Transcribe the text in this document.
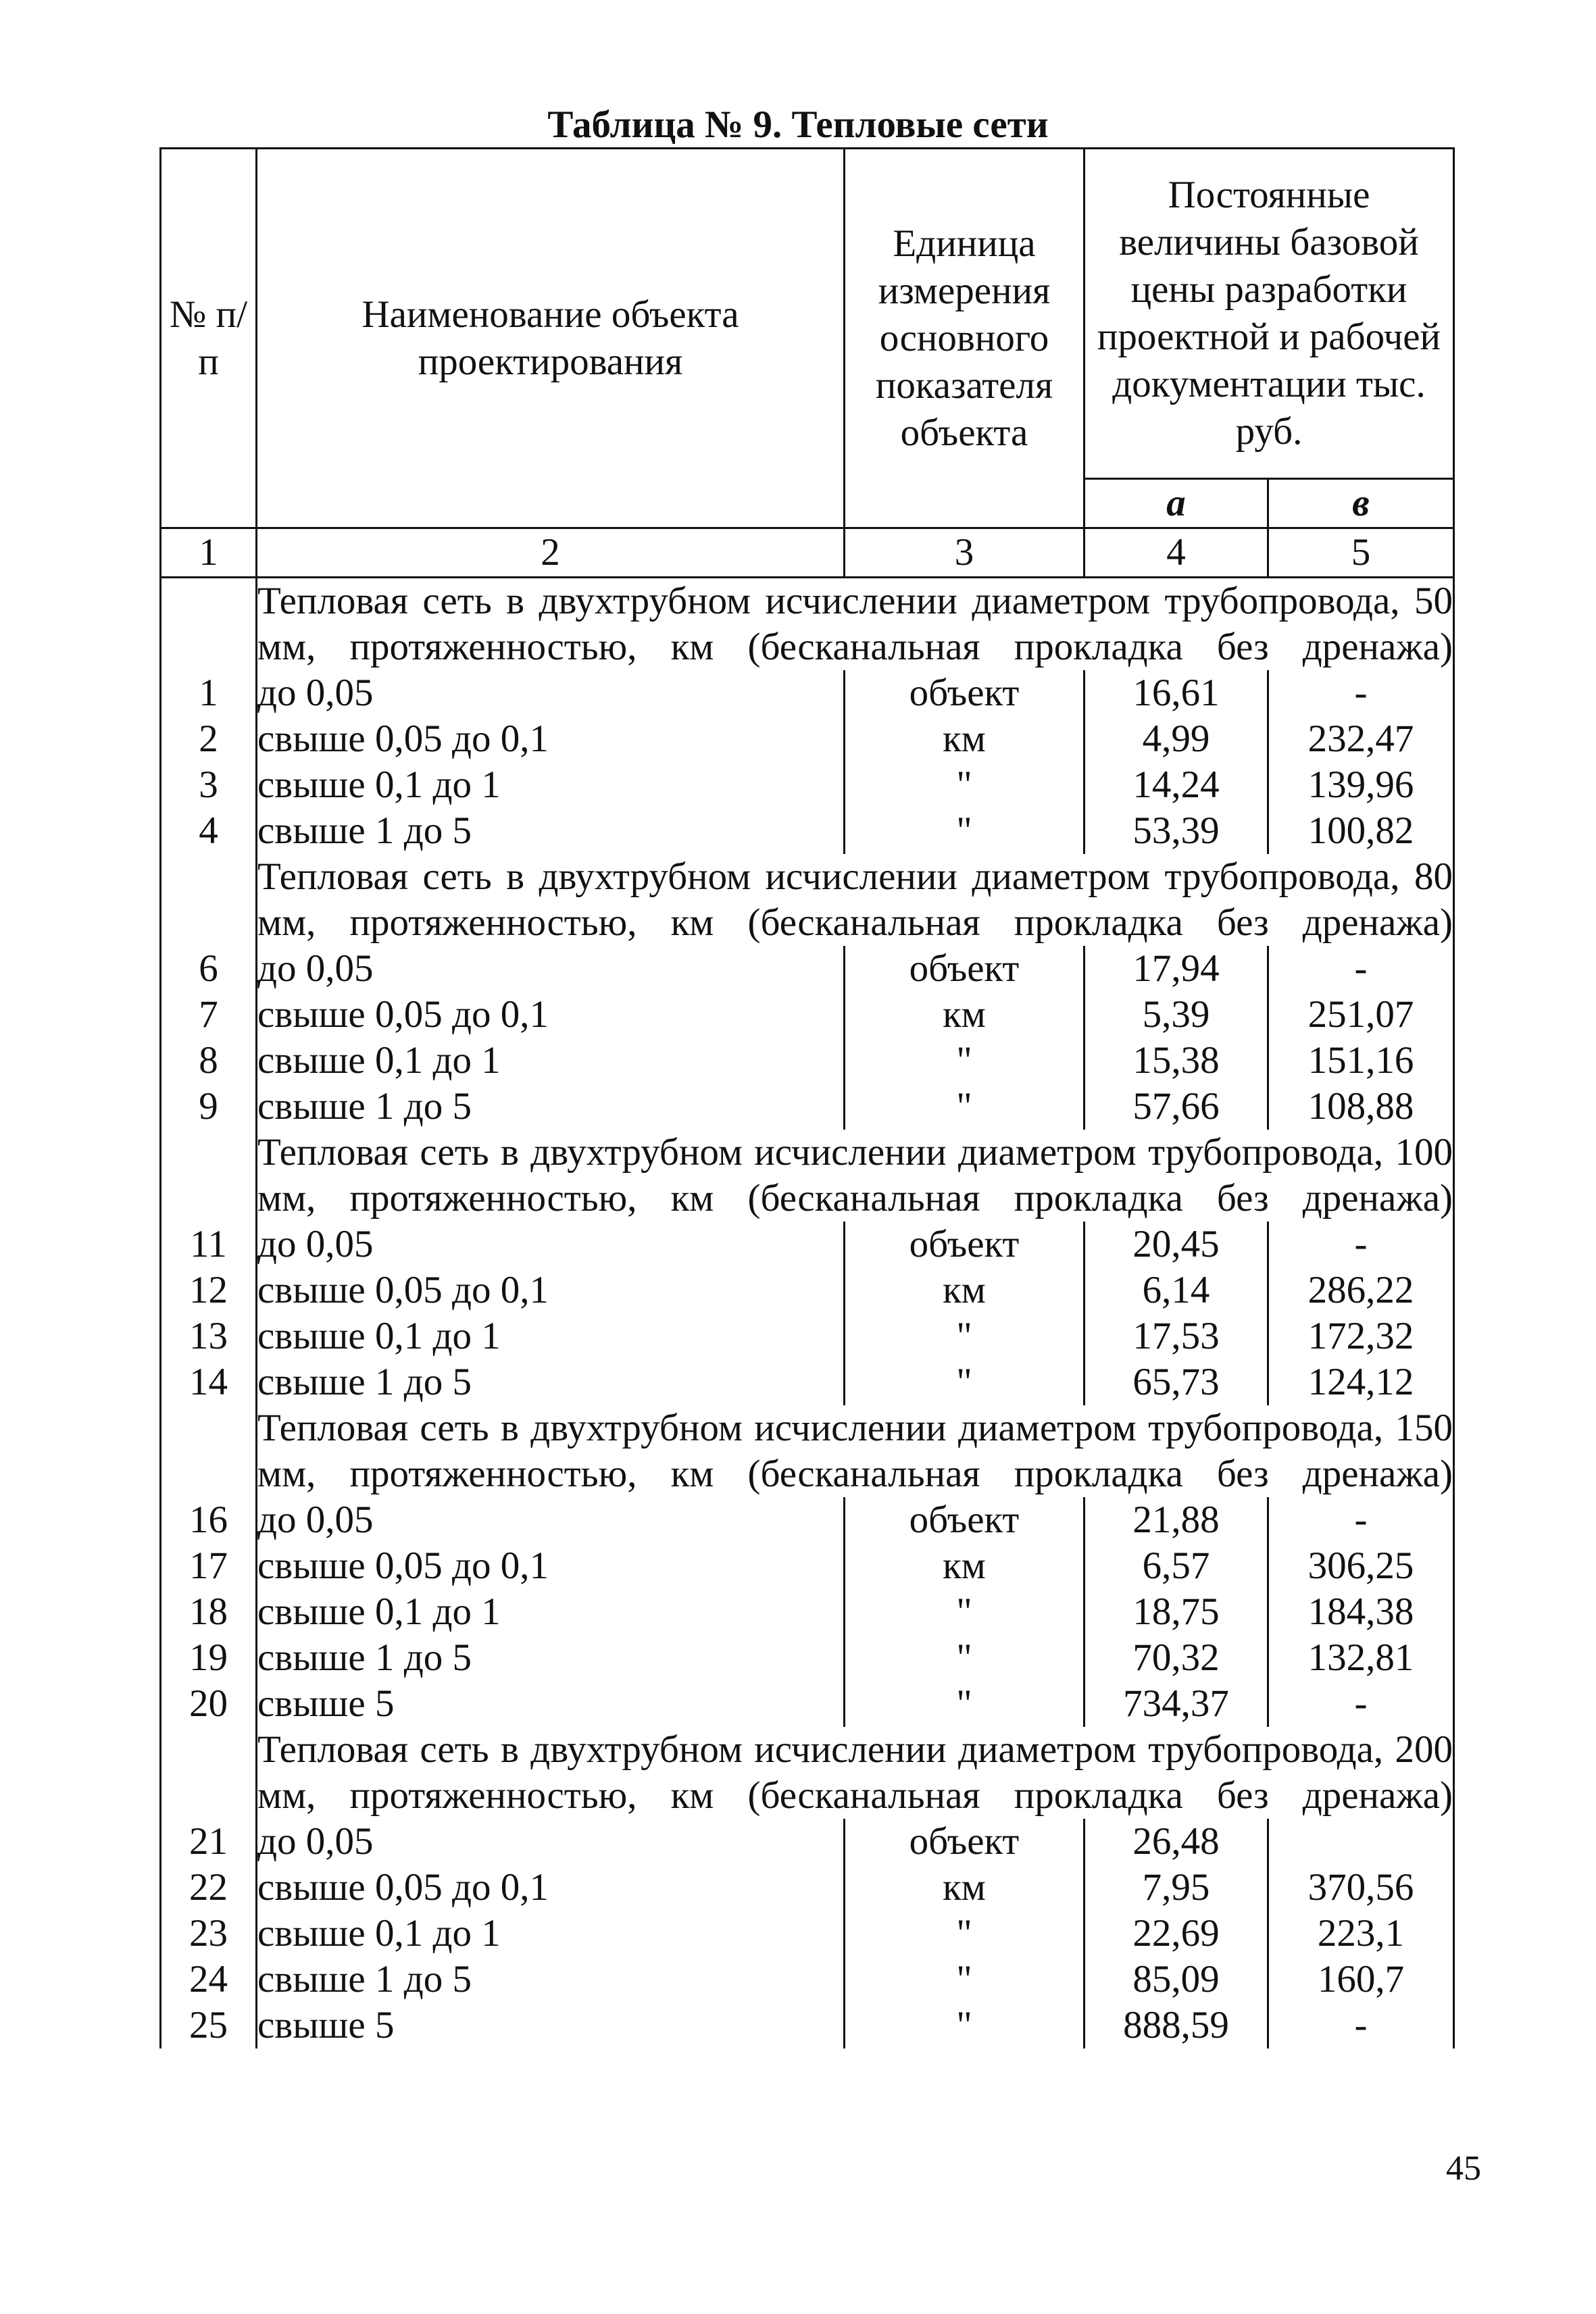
Таблица № 9. Тепловые сети
№ п/п	Наименование объекта проектирования	Единица измерения основного показателя объекта	Постоянные величины базовой цены разработки проектной и рабочей документации тыс. руб.	
			а	в
1	2	3	4	5
	Тепловая сеть в двухтрубном исчислении диаметром трубопровода, 50 мм, протяженностью, км (бесканальная прокладка без дренажа)			
1	до 0,05	объект	16,61	-
2	свыше 0,05 до 0,1	км	4,99	232,47
3	свыше 0,1 до 1	"	14,24	139,96
4	свыше 1 до 5	"	53,39	100,82
	Тепловая сеть в двухтрубном исчислении диаметром трубопровода, 80 мм, протяженностью, км (бесканальная прокладка без дренажа)			
6	до 0,05	объект	17,94	-
7	свыше 0,05 до 0,1	км	5,39	251,07
8	свыше 0,1 до 1	"	15,38	151,16
9	свыше 1 до 5	"	57,66	108,88
	Тепловая сеть в двухтрубном исчислении диаметром трубопровода, 100 мм, протяженностью, км (бесканальная прокладка без дренажа)			
11	до 0,05	объект	20,45	-
12	свыше 0,05 до 0,1	км	6,14	286,22
13	свыше 0,1 до 1	"	17,53	172,32
14	свыше 1 до 5	"	65,73	124,12
	Тепловая сеть в двухтрубном исчислении диаметром трубопровода, 150 мм, протяженностью, км (бесканальная прокладка без дренажа)			
16	до 0,05	объект	21,88	-
17	свыше 0,05 до 0,1	км	6,57	306,25
18	свыше 0,1 до 1	"	18,75	184,38
19	свыше 1 до 5	"	70,32	132,81
20	свыше 5	"	734,37	-
	Тепловая сеть в двухтрубном исчислении диаметром трубопровода, 200 мм, протяженностью, км (бесканальная прокладка без дренажа)			
21	до 0,05	объект	26,48	
22	свыше 0,05 до 0,1	км	7,95	370,56
23	свыше 0,1 до 1	"	22,69	223,1
24	свыше 1 до 5	"	85,09	160,7
25	свыше 5	"	888,59	-
45
